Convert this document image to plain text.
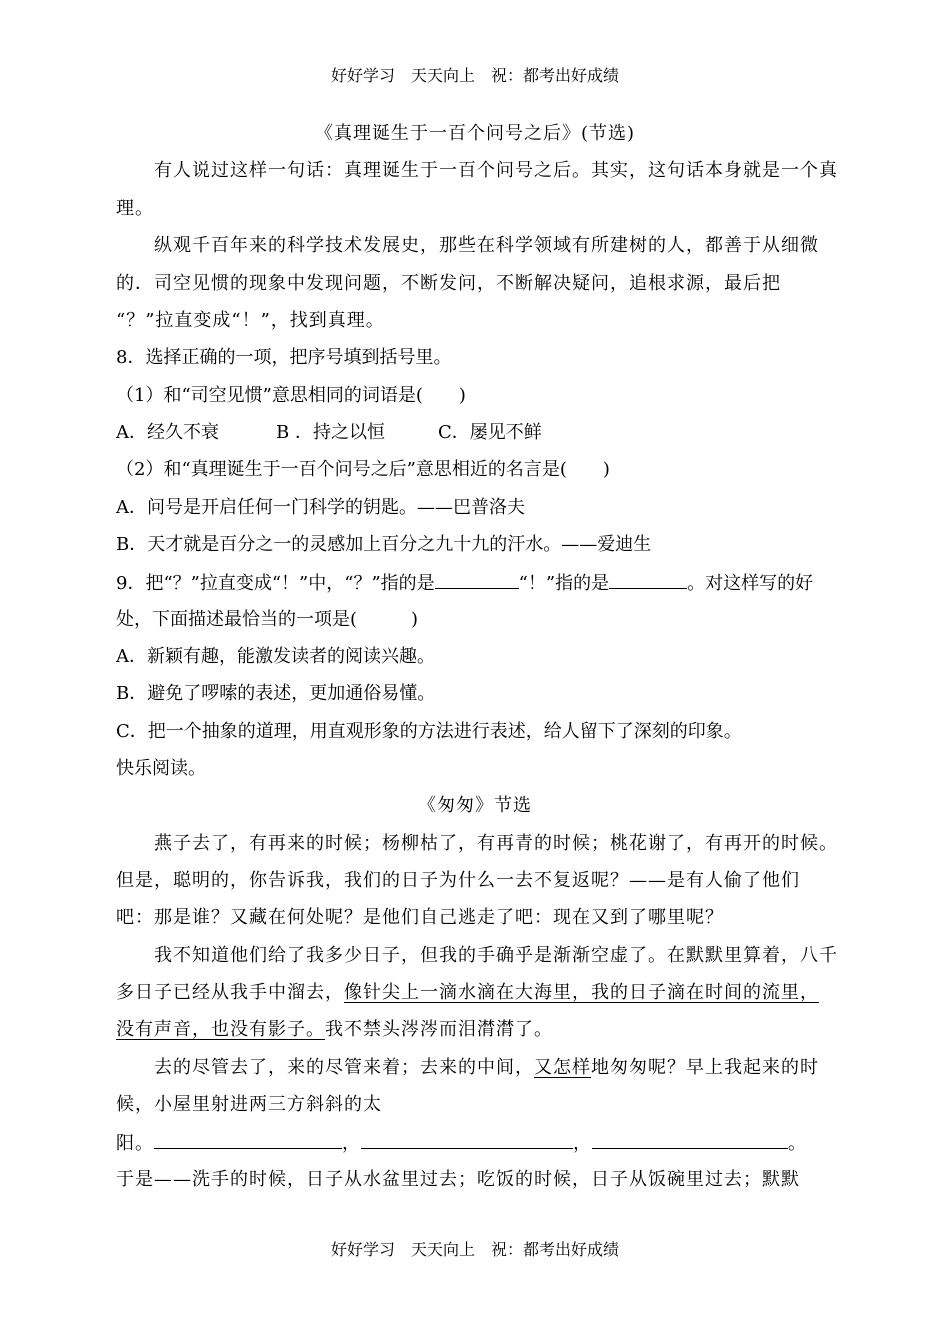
好好学习　天天向上　祝：都考出好成绩
《真理诞生于一百个问号之后》(节选)
　　有人说过这样一句话：真理诞生于一百个问号之后。其实，这句话本身就是一个真
理。
　　纵观千百年来的科学技术发展史，那些在科学领域有所建树的人，都善于从细微
的．司空见惯的现象中发现问题，不断发问，不断解决疑问，追根求源，最后把
“？”拉直变成“！”，找到真理。
8．选择正确的一项，把序号填到括号里。
（1）和“司空见惯”意思相同的词语是(　　)
A．经久不衰	B ．持之以恒	C．屡见不鲜
（2）和“真理诞生于一百个问号之后”意思相近的名言是(　　)
A．问号是开启任何一门科学的钥匙。——巴普洛夫
B．天才就是百分之一的灵感加上百分之九十九的汗水。——爱迪生
9．把“？”拉直变成“！”中，“？”指的是	“！”指的是	。对这样写的好
处，下面描述最恰当的一项是(　　　)
A．新颖有趣，能激发读者的阅读兴趣。
B．避免了啰嗦的表述，更加通俗易懂。
C．把一个抽象的道理，用直观形象的方法进行表述，给人留下了深刻的印象。
快乐阅读。
《匆匆》节选
　　燕子去了，有再来的时候；杨柳枯了，有再青的时候；桃花谢了，有再开的时候。
但是，聪明的，你告诉我，我们的日子为什么一去不复返呢？——是有人偷了他们
吧：那是谁？又藏在何处呢？是他们自己逃走了吧：现在又到了哪里呢？
　　我不知道他们给了我多少日子，但我的手确乎是渐渐空虚了。在默默里算着，八千
多日子已经从我手中溜去，像针尖上一滴水滴在大海里，我的日子滴在时间的流里，
没有声音，也没有影子。我不禁头涔涔而泪潸潸了。
　　去的尽管去了，来的尽管来着；去来的中间，又怎样地匆匆呢？早上我起来的时
候，小屋里射进两三方斜斜的太
阳。	，	，	。
于是——洗手的时候，日子从水盆里过去；吃饭的时候，日子从饭碗里过去；默默
好好学习　天天向上　祝：都考出好成绩
